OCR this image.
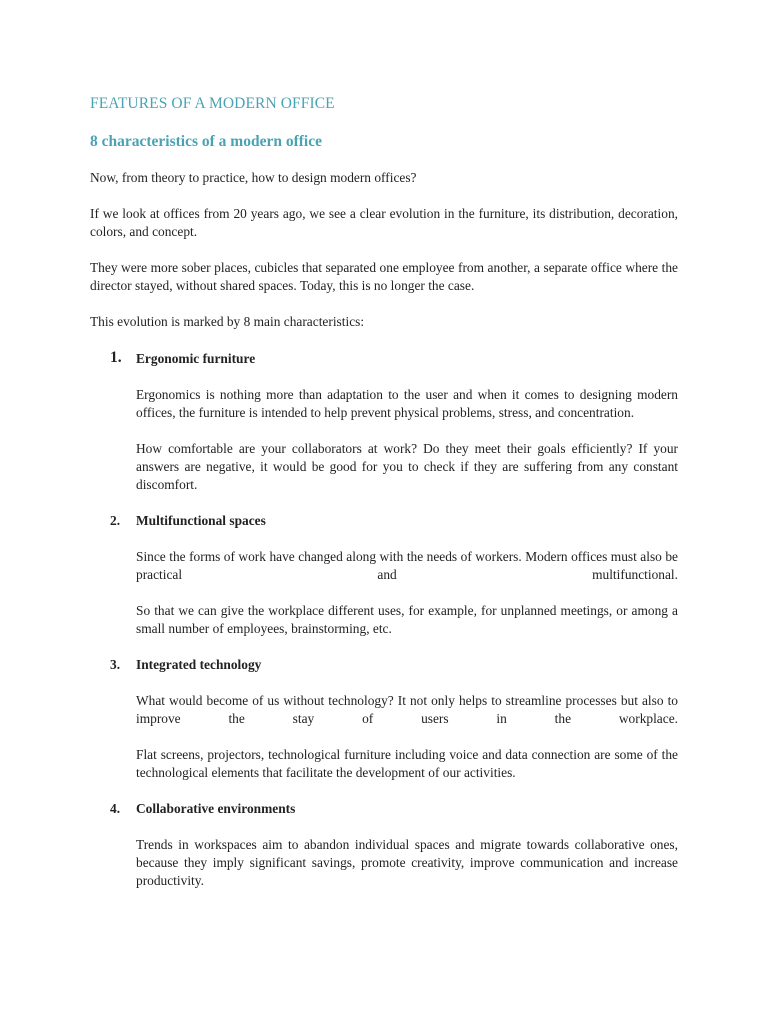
FEATURES OF A MODERN OFFICE
8 characteristics of a modern office

Now, from theory to practice, how to design modern offices?

If we look at offices from 20 years ago, we see a clear evolution in the furniture, its distribution, decoration, colors, and concept.

They were more sober places, cubicles that separated one employee from another, a separate office where the director stayed, without shared spaces. Today, this is no longer the case.

This evolution is marked by 8 main characteristics:

1. Ergonomic furniture

Ergonomics is nothing more than adaptation to the user and when it comes to designing modern offices, the furniture is intended to help prevent physical problems, stress, and concentration.

How comfortable are your collaborators at work? Do they meet their goals efficiently? If your answers are negative, it would be good for you to check if they are suffering from any constant discomfort.

2. Multifunctional spaces

Since the forms of work have changed along with the needs of workers. Modern offices must also be practical and multifunctional.

So that we can give the workplace different uses, for example, for unplanned meetings, or among a small number of employees, brainstorming, etc.

3. Integrated technology

What would become of us without technology? It not only helps to streamline processes but also to improve the stay of users in the workplace.

Flat screens, projectors, technological furniture including voice and data connection are some of the technological elements that facilitate the development of our activities.

4. Collaborative environments

Trends in workspaces aim to abandon individual spaces and migrate towards collaborative ones, because they imply significant savings, promote creativity, improve communication and increase productivity.
